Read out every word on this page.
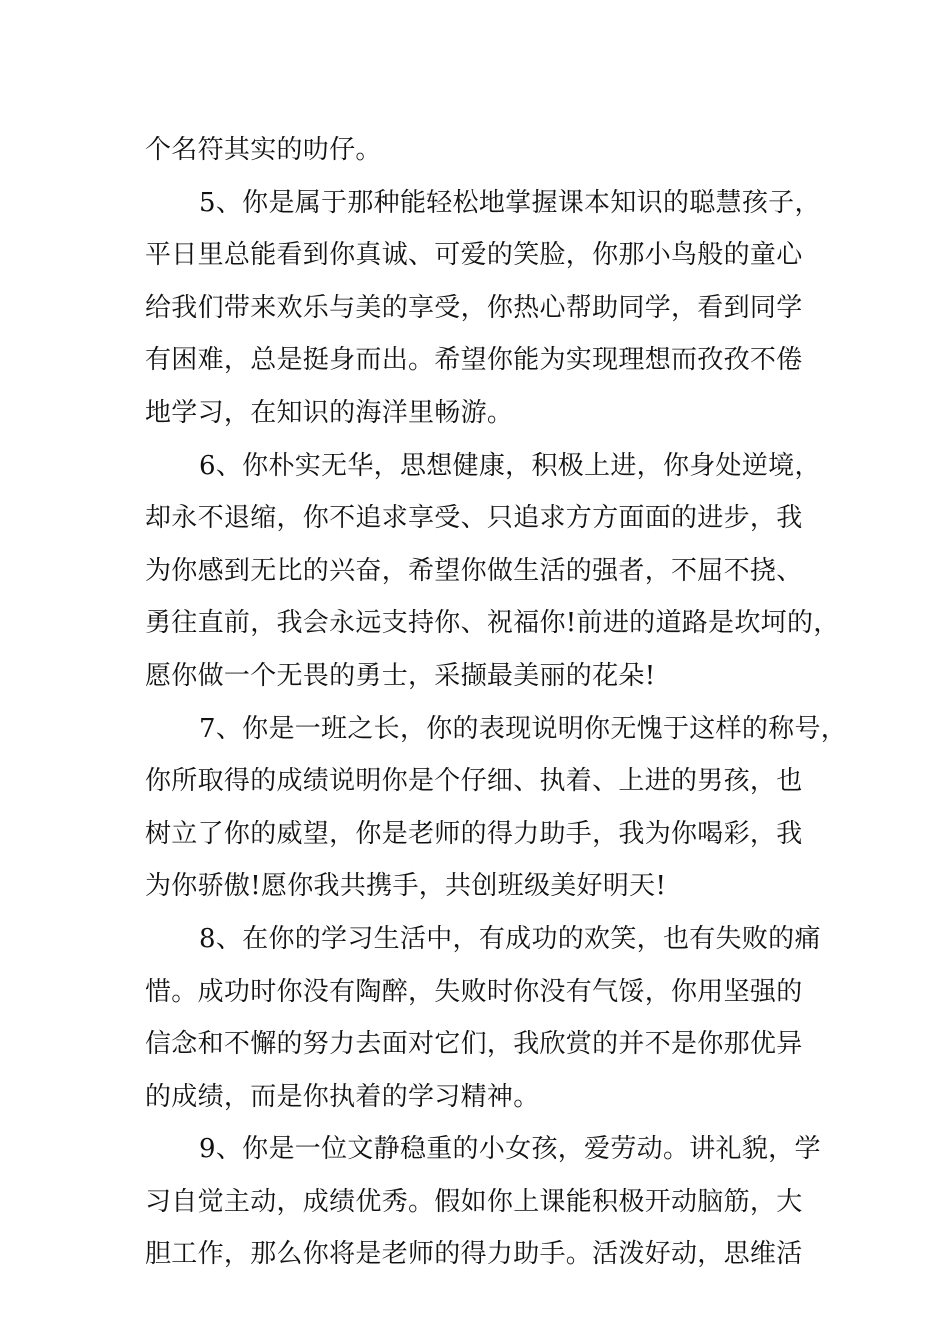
个名符其实的叻仔。
5、你是属于那种能轻松地掌握课本知识的聪慧孩子，
平日里总能看到你真诚、可爱的笑脸，你那小鸟般的童心
给我们带来欢乐与美的享受，你热心帮助同学，看到同学
有困难，总是挺身而出。希望你能为实现理想而孜孜不倦
地学习，在知识的海洋里畅游。
6、你朴实无华，思想健康，积极上进，你身处逆境，
却永不退缩，你不追求享受、只追求方方面面的进步，我
为你感到无比的兴奋，希望你做生活的强者，不屈不挠、
勇往直前，我会永远支持你、祝福你!前进的道路是坎坷的，
愿你做一个无畏的勇士，采撷最美丽的花朵!
7、你是一班之长，你的表现说明你无愧于这样的称号，
你所取得的成绩说明你是个仔细、执着、上进的男孩，也
树立了你的威望，你是老师的得力助手，我为你喝彩，我
为你骄傲!愿你我共携手，共创班级美好明天!
8、在你的学习生活中，有成功的欢笑，也有失败的痛
惜。成功时你没有陶醉，失败时你没有气馁，你用坚强的
信念和不懈的努力去面对它们，我欣赏的并不是你那优异
的成绩，而是你执着的学习精神。
9、你是一位文静稳重的小女孩，爱劳动。讲礼貌，学
习自觉主动，成绩优秀。假如你上课能积极开动脑筋，大
胆工作，那么你将是老师的得力助手。活泼好动，思维活
